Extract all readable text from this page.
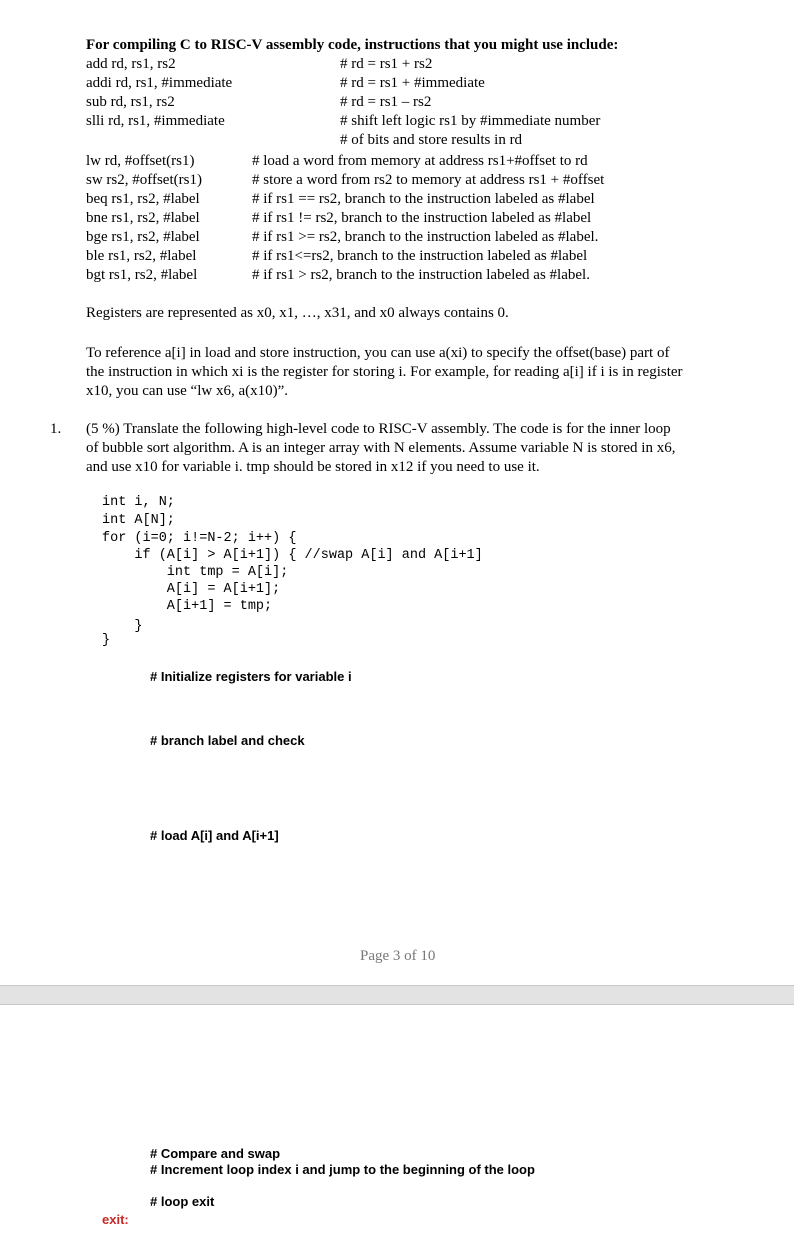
For compiling C to RISC-V assembly code, instructions that you might use include:
add rd, rs1, rs2	# rd = rs1 + rs2
addi rd, rs1, #immediate	# rd = rs1 + #immediate
sub rd, rs1, rs2	# rd = rs1 – rs2
slli rd, rs1, #immediate	# shift left logic rs1 by #immediate number
# of bits and store results in rd
lw rd, #offset(rs1)	# load a word from memory at address rs1+#offset to rd
sw rs2, #offset(rs1)	# store a word from rs2 to memory at address rs1 + #offset
beq rs1, rs2, #label	# if rs1 == rs2, branch to the instruction labeled as #label
bne rs1, rs2, #label	# if rs1 != rs2, branch to the instruction labeled as #label
bge rs1, rs2, #label	# if rs1 >= rs2, branch to the instruction labeled as #label.
ble rs1, rs2, #label	# if rs1<=rs2, branch to the instruction labeled as #label
bgt rs1, rs2, #label	# if rs1 > rs2, branch to the instruction labeled as #label.
Registers are represented as x0, x1, …, x31, and x0 always contains 0.
To reference a[i] in load and store instruction, you can use a(xi) to specify the offset(base) part of
the instruction in which xi is the register for storing i. For example, for reading a[i] if i is in register
x10, you can use “lw x6, a(x10)”.
1. (5 %) Translate the following high-level code to RISC-V assembly. The code is for the inner loop
of bubble sort algorithm. A is an integer array with N elements. Assume variable N is stored in x6,
and use x10 for variable i. tmp should be stored in x12 if you need to use it.
int i, N;
int A[N];
for (i=0; i!=N-2; i++) {
if (A[i] > A[i+1]) { //swap A[i] and A[i+1]
int tmp = A[i];
A[i] = A[i+1];
A[i+1] = tmp;
}
}
# Initialize registers for variable i
# branch label and check
# load A[i] and A[i+1]
Page 3 of 10
# Compare and swap
# Increment loop index i and jump to the beginning of the loop
# loop exit
exit:
